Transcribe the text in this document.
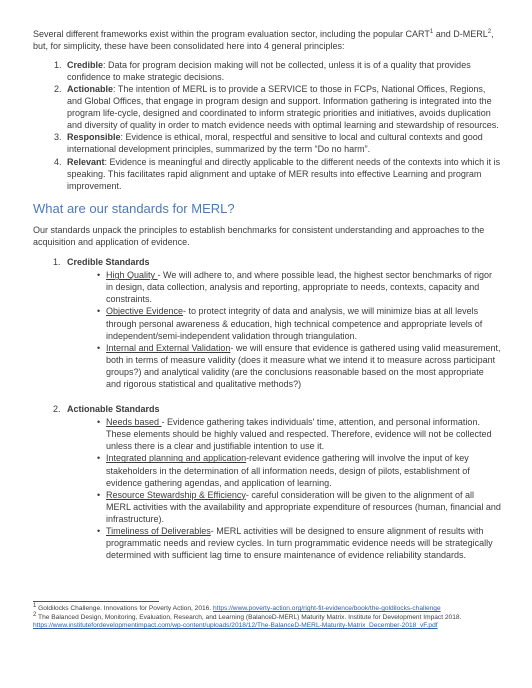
Several different frameworks exist within the program evaluation sector, including the popular CART$^1$ and D-MERL$^2$, but, for simplicity, these have been consolidated here into 4 general principles:

1. Credible: Data for program decision making will not be collected, unless it is of a quality that provides confidence to make strategic decisions.
2. Actionable: The intention of MERL is to provide a SERVICE to those in FCPs, National Offices, Regions, and Global Offices, that engage in program design and support. Information gathering is integrated into the program life-cycle, designed and coordinated to inform strategic priorities and initiatives, avoids duplication and diversity of quality in order to match evidence needs with optimal learning and stewardship of resources.
3. Responsible: Evidence is ethical, moral, respectful and sensitive to local and cultural contexts and good international development principles, summarized by the term “Do no harm”.
4. Relevant: Evidence is meaningful and directly applicable to the different needs of the contexts into which it is speaking. This facilitates rapid alignment and uptake of MER results into effective Learning and program improvement.
What are our standards for MERL?

Our standards unpack the principles to establish benchmarks for consistent understanding and approaches to the acquisition and application of evidence.

1. Credible Standards
• High Quality - We will adhere to, and where possible lead, the highest sector benchmarks of rigor in design, data collection, analysis and reporting, appropriate to needs, contexts, capacity and constraints.
• Objective Evidence- to protect integrity of data and analysis, we will minimize bias at all levels through personal awareness & education, high technical competence and appropriate levels of independent/semi-independent validation through triangulation.
• Internal and External Validation- we will ensure that evidence is gathered using valid measurement, both in terms of measure validity (does it measure what we intend it to measure across participant groups?) and analytical validity (are the conclusions reasonable based on the most appropriate and rigorous statistical and qualitative methods?)
2. Actionable Standards
• Needs based - Evidence gathering takes individuals' time, attention, and personal information. These elements should be highly valued and respected. Therefore, evidence will not be collected unless there is a clear and justifiable intention to use it.
• Integrated planning and application-relevant evidence gathering will involve the input of key stakeholders in the determination of all information needs, design of pilots, establishment of evidence gathering agendas, and application of learning.
• Resource Stewardship & Efficiency- careful consideration will be given to the alignment of all MERL activities with the availability and appropriate expenditure of resources (human, financial and infrastructure).
• Timeliness of Deliverables- MERL activities will be designed to ensure alignment of results with programmatic needs and review cycles. In turn programmatic evidence needs will be strategically determined with sufficient lag time to ensure maintenance of evidence reliability standards.

$^1$ Goldilocks Challenge. Innovations for Poverty Action, 2016. https://www.poverty-action.org/right-fit-evidence/book/the-goldilocks-challenge

$^2$ The Balanced Design, Monitoring, Evaluation, Research, and Learning (BalanceD-MERL) Maturity Matrix. Institute for Development Impact 2018. https://www.institutefordevelopmentimpact.com/wp-content/uploads/2018/12/The-BalanceD-MERL-Maturity-Matrix_December-2018_vF.pdf
